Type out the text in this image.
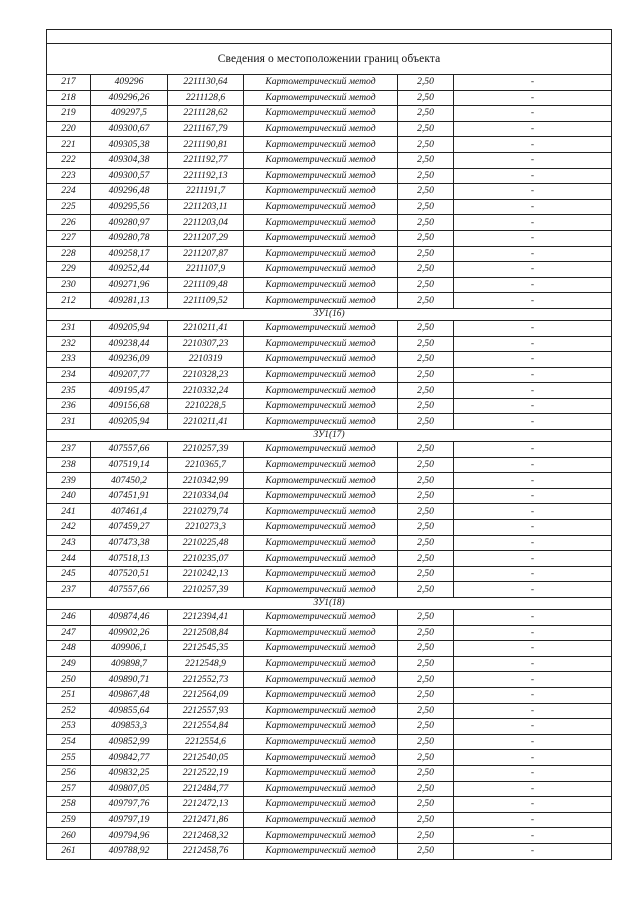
Сведения о местоположении границ объекта					
217	409296	2211130,64	Картометрический метод	2,50	-
218	409296,26	2211128,6	Картометрический метод	2,50	-
219	409297,5	2211128,62	Картометрический метод	2,50	-
220	409300,67	2211167,79	Картометрический метод	2,50	-
221	409305,38	2211190,81	Картометрический метод	2,50	-
222	409304,38	2211192,77	Картометрический метод	2,50	-
223	409300,57	2211192,13	Картометрический метод	2,50	-
224	409296,48	2211191,7	Картометрический метод	2,50	-
225	409295,56	2211203,11	Картометрический метод	2,50	-
226	409280,97	2211203,04	Картометрический метод	2,50	-
227	409280,78	2211207,29	Картометрический метод	2,50	-
228	409258,17	2211207,87	Картометрический метод	2,50	-
229	409252,44	2211107,9	Картометрический метод	2,50	-
230	409271,96	2211109,48	Картометрический метод	2,50	-
212	409281,13	2211109,52	Картометрический метод	2,50	-
ЗУ1(16)					
231	409205,94	2210211,41	Картометрический метод	2,50	-
232	409238,44	2210307,23	Картометрический метод	2,50	-
233	409236,09	2210319	Картометрический метод	2,50	-
234	409207,77	2210328,23	Картометрический метод	2,50	-
235	409195,47	2210332,24	Картометрический метод	2,50	-
236	409156,68	2210228,5	Картометрический метод	2,50	-
231	409205,94	2210211,41	Картометрический метод	2,50	-
ЗУ1(17)					
237	407557,66	2210257,39	Картометрический метод	2,50	-
238	407519,14	2210365,7	Картометрический метод	2,50	-
239	407450,2	2210342,99	Картометрический метод	2,50	-
240	407451,91	2210334,04	Картометрический метод	2,50	-
241	407461,4	2210279,74	Картометрический метод	2,50	-
242	407459,27	2210273,3	Картометрический метод	2,50	-
243	407473,38	2210225,48	Картометрический метод	2,50	-
244	407518,13	2210235,07	Картометрический метод	2,50	-
245	407520,51	2210242,13	Картометрический метод	2,50	-
237	407557,66	2210257,39	Картометрический метод	2,50	-
ЗУ1(18)					
246	409874,46	2212394,41	Картометрический метод	2,50	-
247	409902,26	2212508,84	Картометрический метод	2,50	-
248	409906,1	2212545,35	Картометрический метод	2,50	-
249	409898,7	2212548,9	Картометрический метод	2,50	-
250	409890,71	2212552,73	Картометрический метод	2,50	-
251	409867,48	2212564,09	Картометрический метод	2,50	-
252	409855,64	2212557,93	Картометрический метод	2,50	-
253	409853,3	2212554,84	Картометрический метод	2,50	-
254	409852,99	2212554,6	Картометрический метод	2,50	-
255	409842,77	2212540,05	Картометрический метод	2,50	-
256	409832,25	2212522,19	Картометрический метод	2,50	-
257	409807,05	2212484,77	Картометрический метод	2,50	-
258	409797,76	2212472,13	Картометрический метод	2,50	-
259	409797,19	2212471,86	Картометрический метод	2,50	-
260	409794,96	2212468,32	Картометрический метод	2,50	-
261	409788,92	2212458,76	Картометрический метод	2,50	-
